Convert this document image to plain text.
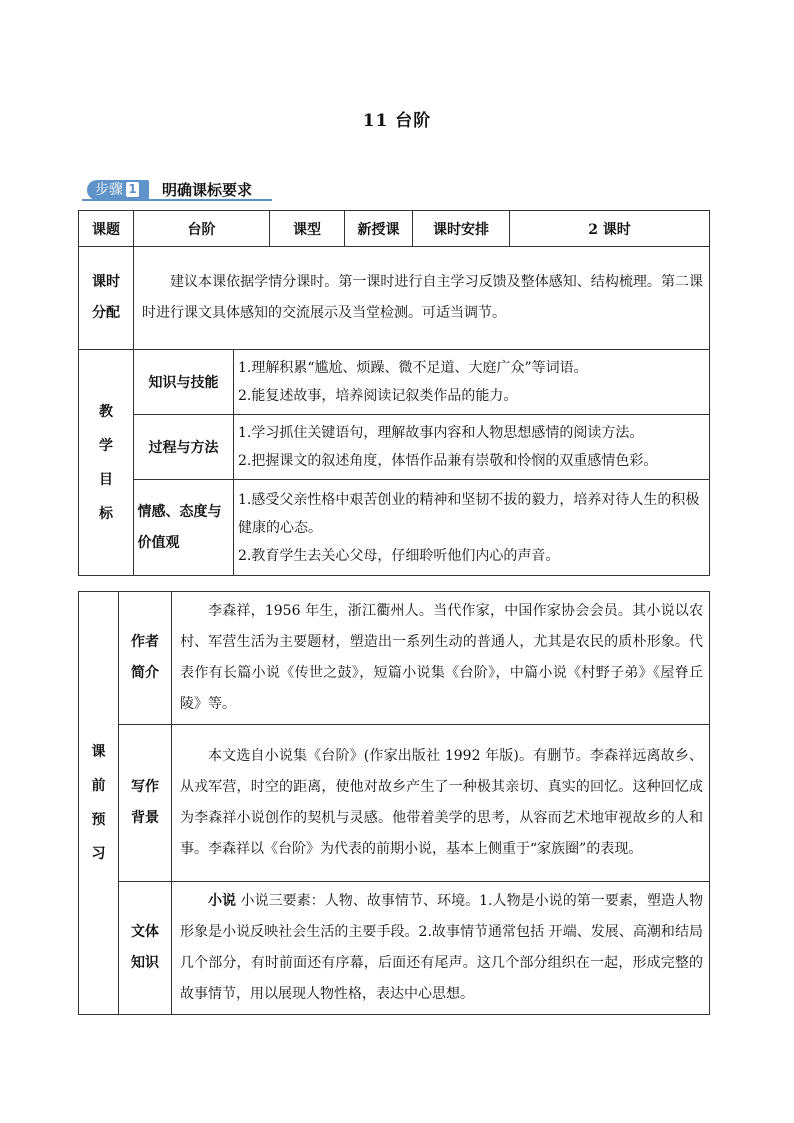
11 台阶
步骤 1	明确课标要求
课题	台阶		课型	新授课	课时安排	2 课时

课时分配	建议本课依据学情分课时。第一课时进行自主学习反馈及整体感知、结构梳理。第二课时进行课文具体感知的交流展示及当堂检测。可适当调节。					

教学目标	知识与技能	1.理解积累“尴尬、烦躁、微不足道、大庭广众”等词语。
2.能复述故事，培养阅读记叙类作品的能力。				

	过程与方法	1.学习抓住关键语句，理解故事内容和人物思想感情的阅读方法。
2.把握课文的叙述角度，体悟作品兼有崇敬和怜悯的双重感情色彩。				

	情感、态度与价值观	1.感受父亲性格中艰苦创业的精神和坚韧不拔的毅力，培养对待人生的积极健康的心态。
2.教育学生去关心父母，仔细聆听他们内心的声音。				
课前预习	作者简介	李森祥，1956 年生，浙江衢州人。当代作家，中国作家协会会员。其小说以农村、军营生活为主要题材，塑造出一系列生动的普通人，尤其是农民的质朴形象。代表作有长篇小说《传世之鼓》，短篇小说集《台阶》，中篇小说《村野子弟》《屋脊丘陵》等。

	写作背景	本文选自小说集《台阶》(作家出版社 1992 年版)。有删节。李森祥远离故乡、从戎军营，时空的距离，使他对故乡产生了一种极其亲切、真实的回忆。这种回忆成为李森祥小说创作的契机与灵感。他带着美学的思考，从容而艺术地审视故乡的人和事。李森祥以《台阶》为代表的前期小说，基本上侧重于“家族圈”的表现。

	文体知识	小说 小说三要素：人物、故事情节、环境。1.人物是小说的第一要素，塑造人物形象是小说反映社会生活的主要手段。2.故事情节通常包括 开端、发展、高潮和结局几个部分，有时前面还有序幕，后面还有尾声。这几个部分组织在一起，形成完整的故事情节，用以展现人物性格，表达中心思想。
